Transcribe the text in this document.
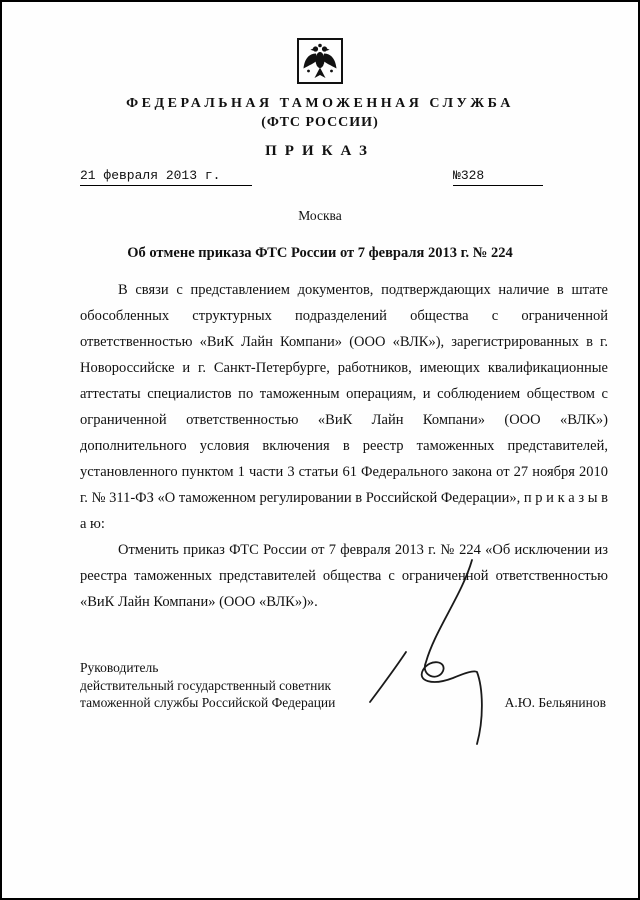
ФЕДЕРАЛЬНАЯ ТАМОЖЕННАЯ СЛУЖБА
(ФТС РОССИИ)
ПРИКАЗ
21 февраля 2013 г.	№328
Москва
Об отмене приказа ФТС России от 7 февраля 2013 г. № 224

В связи с представлением документов, подтверждающих наличие в штате обособленных структурных подразделений общества с ограниченной ответственностью «ВиК Лайн Компани» (ООО «ВЛК»), зарегистрированных в г. Новороссийске и г. Санкт-Петербурге, работников, имеющих квалификационные аттестаты специалистов по таможенным операциям, и соблюдением обществом с ограниченной ответственностью «ВиК Лайн Компани» (ООО «ВЛК») дополнительного условия включения в реестр таможенных представителей, установленного пунктом 1 части 3 статьи 61 Федерального закона от 27 ноября 2010 г. № 311-ФЗ «О таможенном регулировании в Российской Федерации», п р и к а з ы в а ю:

Отменить приказ ФТС России от 7 февраля 2013 г. № 224 «Об исключении из реестра таможенных представителей общества с ограниченной ответственностью «ВиК Лайн Компани» (ООО «ВЛК»)».

Руководитель
действительный государственный советник
таможенной службы Российской Федерации	А.Ю. Бельянинов
